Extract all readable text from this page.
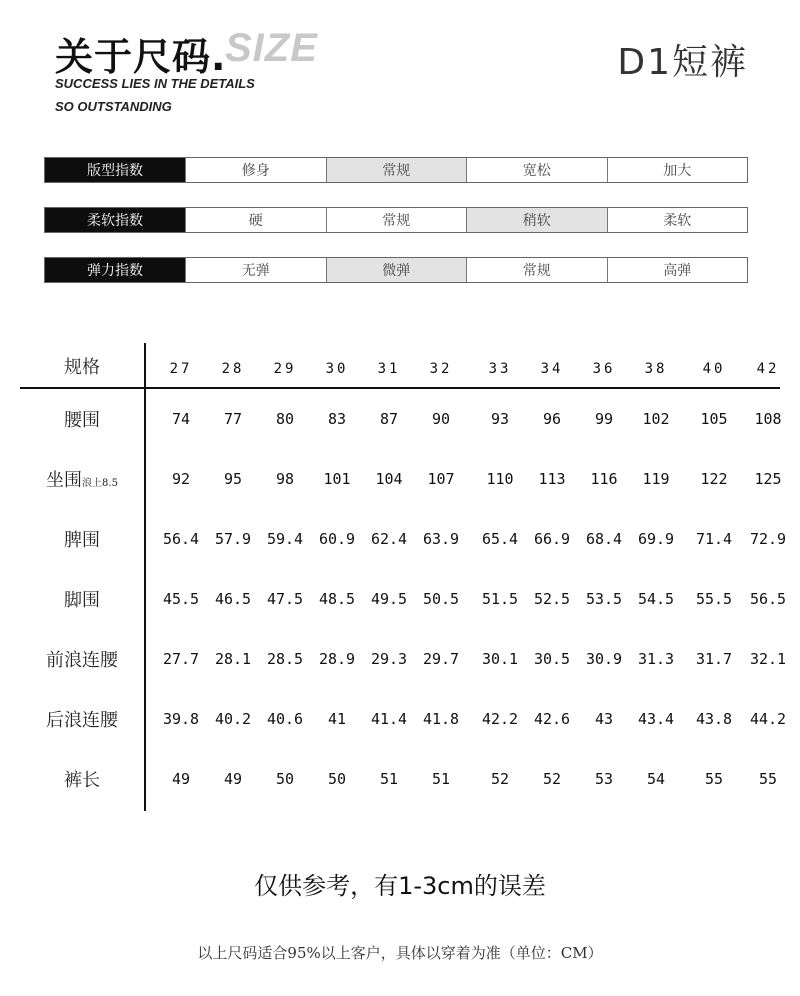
关于尺码.
SIZE
SUCCESS LIES IN THE DETAILS
SO OUTSTANDING
D1短裤
版型指数	修身	常规	宽松	加大
柔软指数	硬	常规	稍软	柔软
弹力指数	无弹	微弹	常规	高弹
规格	27 28 29 30 31 32	33 34 36 38	40 42
腰围	74 77 80 83 87 90	93 96 99 102 105 108
坐围浪上8.5	92 95 98 101 104 107 110 113 116 119 122 125
脾围	56.4 57.9 59.4 60.9 62.4 63.9 65.4 66.9 68.4 69.9 71.4 72.9
脚围	45.5 46.5 47.5 48.5 49.5 50.5 51.5 52.5 53.5 54.5 55.5 56.5
前浪连腰	27.7 28.1 28.5 28.9 29.3 29.7 30.1 30.5 30.9 31.3 31.7 32.1
后浪连腰	39.8 40.2 40.6 41 41.4 41.8 42.2 42.6 43 43.4 43.8 44.2
裤长	49 49 50 50 51 51	52 52 53 54	55 55
仅供参考，有1-3cm的误差
以上尺码适合95%以上客户，具体以穿着为准（单位：CM）
